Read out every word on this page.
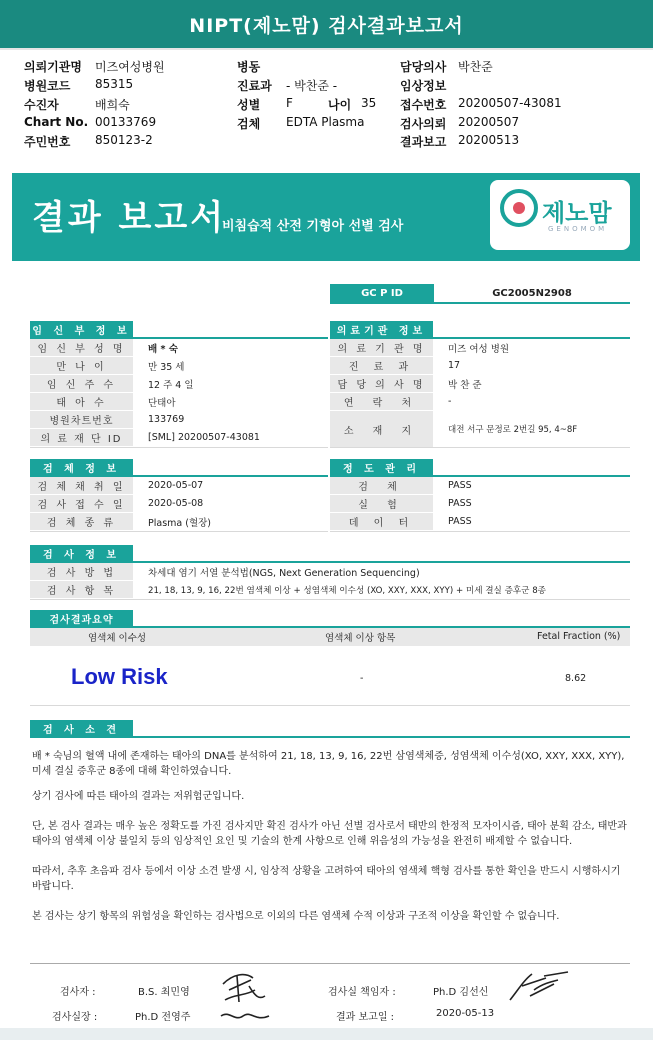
NIPT(제노맘) 검사결과보고서
의뢰기관명 미즈여성병원
병원코드 85315
수진자	배희숙
Chart No. 00133769
주민번호 850123-2
병동
진료과 - 박찬준 -
성별 F	나이 35
검체 EDTA Plasma
담당의사 박찬준
임상정보
접수번호 20200507-43081
검사의뢰 20200507
결과보고 20200513
결과 보고서
비침습적 산전 기형아 선별 검사	제노맘
GENOMOM
GC P ID	GC2005N2908
임 신 부 정 보
임 신 부 성 명	배 * 숙
만 나 이	만 35 세
임 신 주 수	12 주 4 일
태 아 수	단태아
병원차트번호	133769
의 료 재 단 ID	[SML] 20200507-43081
의료기관 정보
의 료 기 관 명	미즈 여성 병원
진 료 과	17
담 당 의 사 명	박 찬 준
연 락 처	-
소 재 지	대전 서구 문정로 2번길 95, 4~8F
검 체 정 보
검 체 채 취 일	2020-05-07
검 사 접 수 일	2020-05-08
검 체 종 류	Plasma (혈장)
정 도 관 리
검 체	PASS
실 험	PASS
데 이 터	PASS
검 사 정 보
검 사 방 법	차세대 염기 서열 분석법(NGS, Next Generation Sequencing)
검 사 항 목	21, 18, 13, 9, 16, 22번 염색체 이상 + 성염색체 이수성 (XO, XXY, XXX, XYY) + 미세 결실 증후군 8종
검사결과요약
염색체 이수성	염색체 이상 항목	Fetal Fraction (%)
Low Risk	-	8.62
검 사 소 견
배 * 숙님의 혈액 내에 존재하는 태아의 DNA를 분석하여 21, 18, 13, 9, 16, 22번 삼염색체증, 성염색체 이수성(XO, XXY, XXX, XYY), 미세 결실 증후군 8종에 대해 확인하였습니다.
상기 검사에 따른 태아의 결과는 저위험군입니다.
단, 본 검사 결과는 매우 높은 정확도를 가진 검사지만 확진 검사가 아닌 선별 검사로서 태반의 한정적 모자이시즘, 태아 분획 감소, 태반과 태아의 염색체 이상 불일치 등의 임상적인 요인 및 기술의 한계 사항으로 인해 위음성의 가능성을 완전히 배제할 수 없습니다.
따라서, 추후 초음파 검사 등에서 이상 소견 발생 시, 임상적 상황을 고려하여 태아의 염색체 핵형 검사를 통한 확인을 반드시 시행하시기 바랍니다.
본 검사는 상기 항목의 위험성을 확인하는 검사법으로 이외의 다른 염색체 수적 이상과 구조적 이상을 확인할 수 없습니다.
검사자 :	B.S. 최민영	검사실 책임자 :	Ph.D 김선신
검사실장 :	Ph.D 전영주	결과 보고일 :	2020-05-13
